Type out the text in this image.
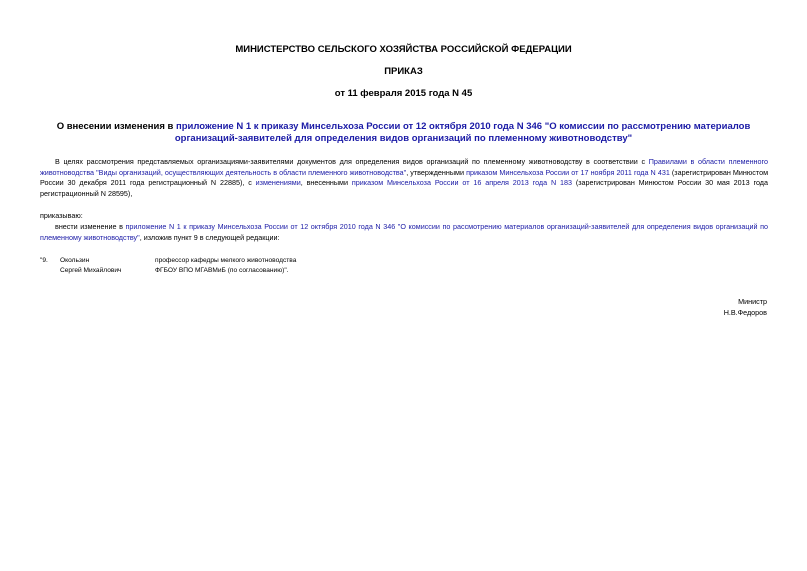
МИНИСТЕРСТВО СЕЛЬСКОГО ХОЗЯЙСТВА РОССИЙСКОЙ ФЕДЕРАЦИИ
ПРИКАЗ
от 11 февраля 2015 года N 45
О внесении изменения в приложение N 1 к приказу Минсельхоза России от 12 октября 2010 года N 346 "О комиссии по рассмотрению материалов организаций-заявителей для определения видов организаций по племенному животноводству"
В целях рассмотрения представляемых организациями-заявителями документов для определения видов организаций по племенному животноводству в соответствии с Правилами в области племенного животноводства "Виды организаций, осуществляющих деятельность в области племенного животноводства", утвержденными приказом Минсельхоза России от 17 ноября 2011 года N 431 (зарегистрирован Минюстом России 30 декабря 2011 года регистрационный N 22885), с изменениями, внесенными приказом Минсельхоза России от 16 апреля 2013 года N 183 (зарегистрирован Минюстом России 30 мая 2013 года регистрационный N 28595),
приказываю:
внести изменение в приложение N 1 к приказу Минсельхоза России от 12 октября 2010 года N 346 "О комиссии по рассмотрению материалов организаций-заявителей для определения видов организаций по племенному животноводству", изложив пункт 9 в следующей редакции:
"9.	Окользин	профессор кафедры мелкого животноводства
	Сергей Михайлович	ФГБОУ ВПО МГАВМиБ (по согласованию)".
Министр
Н.В.Федоров
